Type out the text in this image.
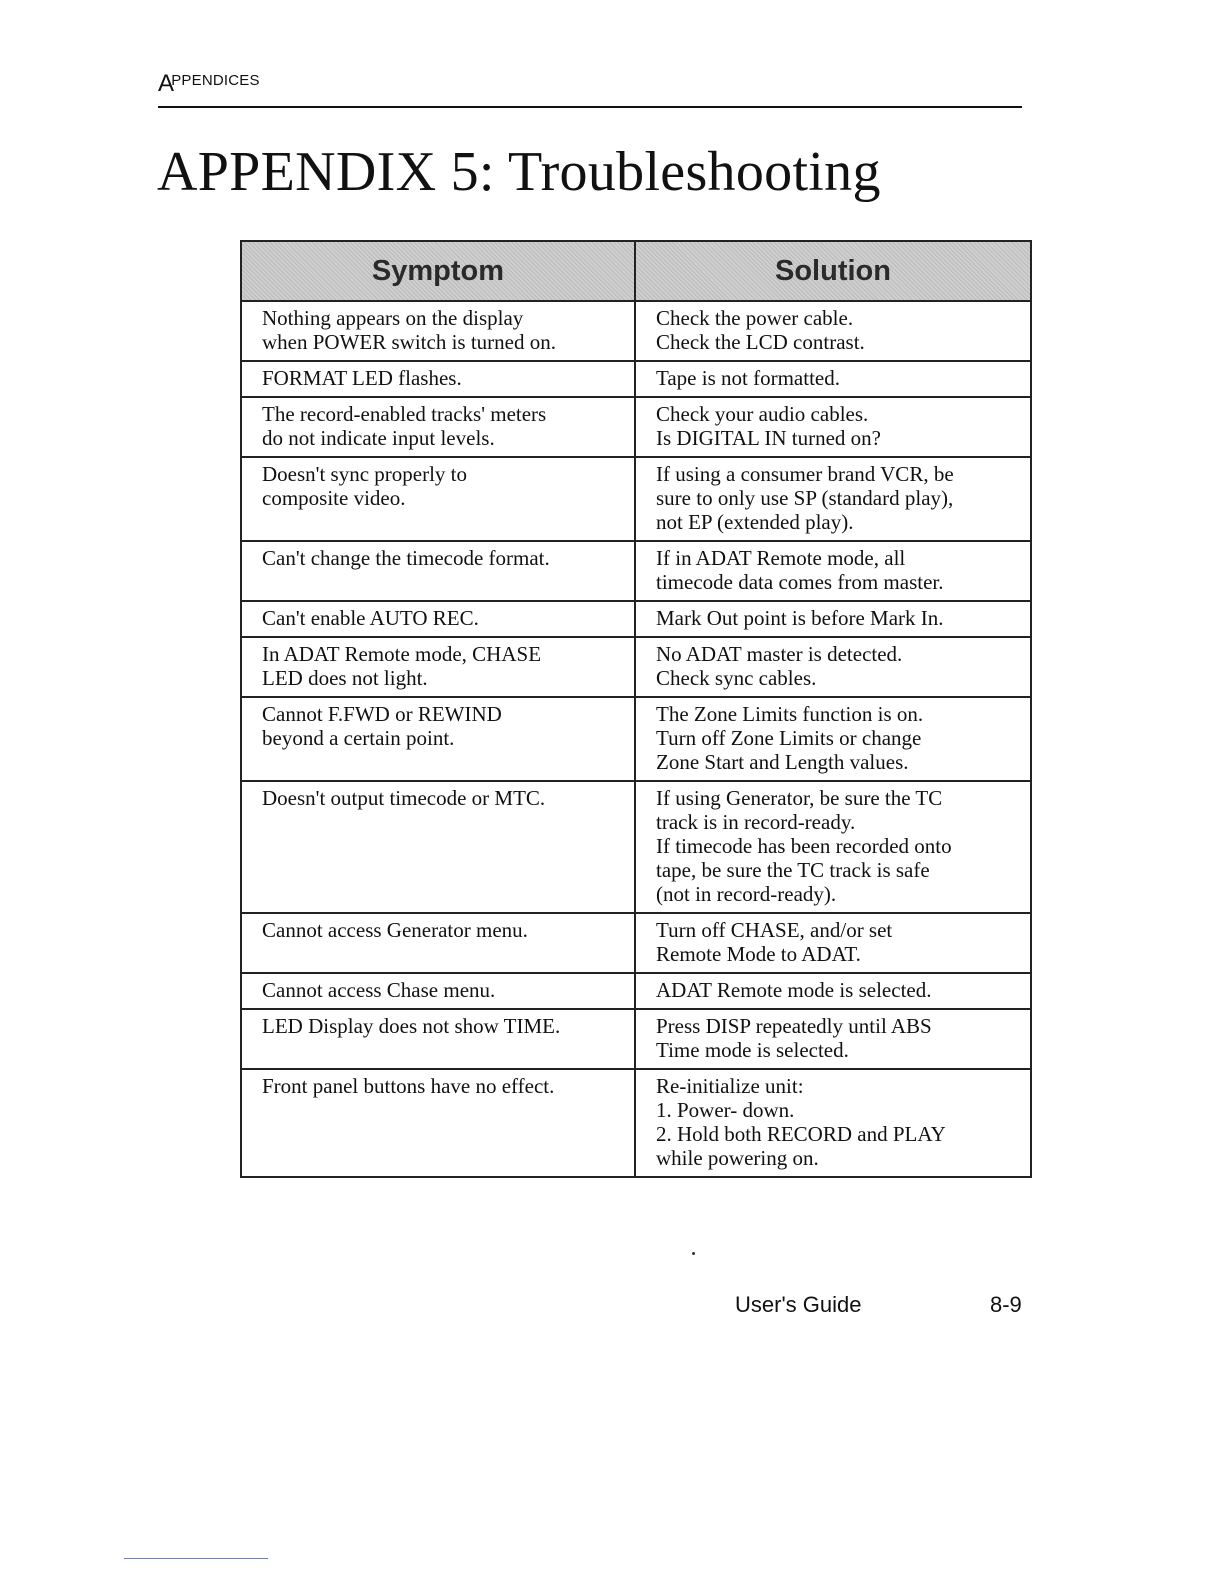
APPENDICES
APPENDIX 5: Troubleshooting
Symptom	Solution

Nothing appears on the display
when POWER switch is turned on.	Check the power cable.
Check the LCD contrast.

FORMAT LED flashes.	Tape is not formatted.

The record-enabled tracks' meters
do not indicate input levels.	Check your audio cables.
Is DIGITAL IN turned on?

Doesn't sync properly to
composite video.	If using a consumer brand VCR, be
sure to only use SP (standard play),
not EP (extended play).

Can't change the timecode format.	If in ADAT Remote mode, all
timecode data comes from master.

Can't enable AUTO REC.	Mark Out point is before Mark In.

In ADAT Remote mode, CHASE
LED does not light.	No ADAT master is detected.
Check sync cables.

Cannot F.FWD or REWIND
beyond a certain point.	The Zone Limits function is on.
Turn off Zone Limits or change
Zone Start and Length values.

Doesn't output timecode or MTC.	If using Generator, be sure the TC
track is in record-ready.
If timecode has been recorded onto
tape, be sure the TC track is safe
(not in record-ready).

Cannot access Generator menu.	Turn off CHASE, and/or set
Remote Mode to ADAT.

Cannot access Chase menu.	ADAT Remote mode is selected.

LED Display does not show TIME.	Press DISP repeatedly until ABS
Time mode is selected.

Front panel buttons have no effect.	Re-initialize unit:
1. Power- down.
2. Hold both RECORD and PLAY
while powering on.
User's Guide	8-9
